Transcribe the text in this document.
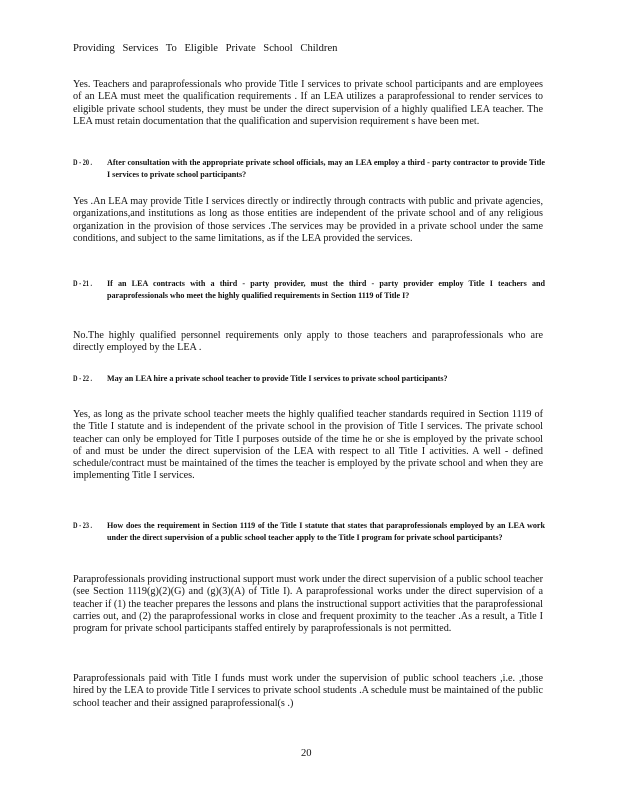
Providing Services To Eligible Private School Children

Yes. Teachers and paraprofessionals who provide Title I services to private school participants and are employees of an LEA must meet the qualification requirements . If an LEA utilizes a paraprofessional to render services to eligible private school students, they must be under the direct supervision of a highly qualified LEA teacher. The LEA must retain documentation that the qualification and supervision requirement s have been met.

D - 20 . After consultation with the appropriate private school officials, may an LEA employ a third - party contractor to provide Title I services to private school participants?

Yes .An LEA may provide Title I services directly or indirectly through contracts with public and private agencies, organizations,and institutions as long as those entities are independent of the private school and of any religious organization in the provision of those services .The services may be provided in a private school under the same conditions, and subject to the same limitations, as if the LEA provided the services.

D - 21 . If an LEA contracts with a third - party provider, must the third - party provider employ Title I teachers and paraprofessionals who meet the highly qualified requirements in Section 1119 of Title I?

No.The highly qualified personnel requirements only apply to those teachers and paraprofessionals who are directly employed by the LEA .

D - 22 . May an LEA hire a private school teacher to provide Title I services to private school participants?

Yes, as long as the private school teacher meets the highly qualified teacher standards required in Section 1119 of the Title I statute and is independent of the private school in the provision of Title I services. The private school teacher can only be employed for Title I purposes outside of the time he or she is employed by the private school of and must be under the direct supervision of the LEA with respect to all Title I activities. A well - defined schedule/contract must be maintained of the times the teacher is employed by the private school and when they are implementing Title I services.

D - 23 . How does the requirement in Section 1119 of the Title I statute that states that paraprofessionals employed by an LEA work under the direct supervision of a public school teacher apply to the Title I program for private school participants?

Paraprofessionals providing instructional support must work under the direct supervision of a public school teacher (see Section 1119(g)(2)(G) and (g)(3)(A) of Title I). A paraprofessional works under the direct supervision of a teacher if (1) the teacher prepares the lessons and plans the instructional support activities that the paraprofessional carries out, and (2) the paraprofessional works in close and frequent proximity to the teacher .As a result, a Title I program for private school participants staffed entirely by paraprofessionals is not permitted.

Paraprofessionals paid with Title I funds must work under the supervision of public school teachers ,i.e. ,those hired by the LEA to provide Title I services to private school students .A schedule must be maintained of the public school teacher and their assigned paraprofessional(s .)

20
